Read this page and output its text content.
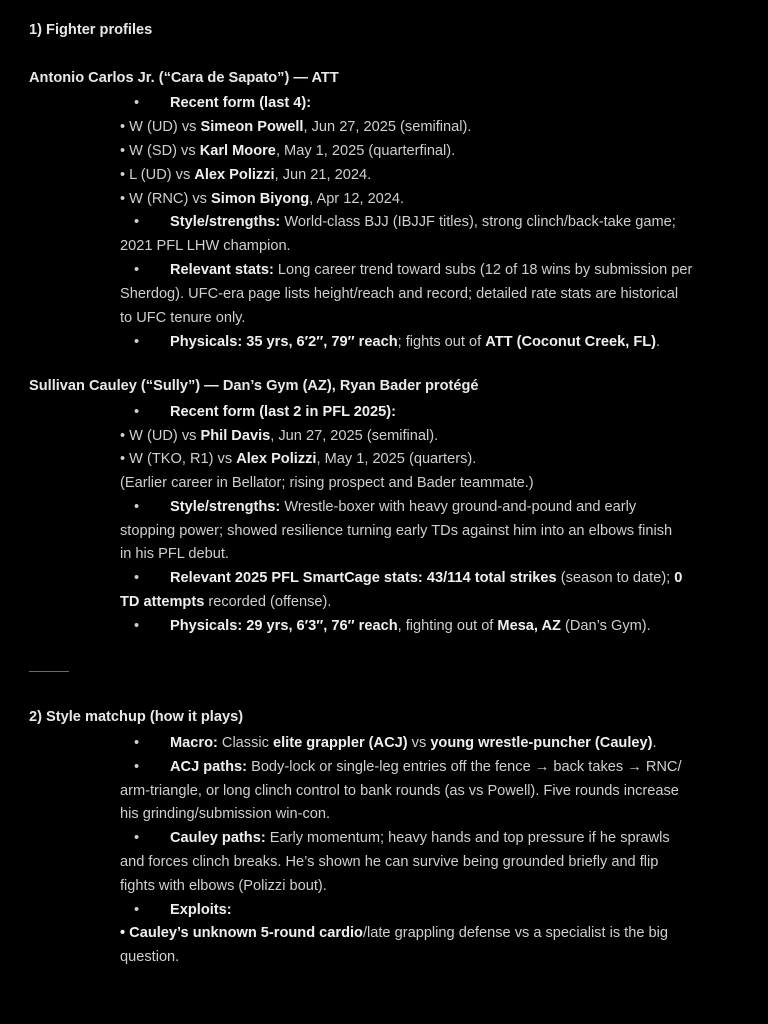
1) Fighter profiles
Antonio Carlos Jr. (“Cara de Sapato”) — ATT
• Recent form (last 4):
• W (UD) vs Simeon Powell, Jun 27, 2025 (semifinal).
• W (SD) vs Karl Moore, May 1, 2025 (quarterfinal).
• L (UD) vs Alex Polizzi, Jun 21, 2024.
• W (RNC) vs Simon Biyong, Apr 12, 2024.
• Style/strengths: World-class BJJ (IBJJF titles), strong clinch/back-take game;
2021 PFL LHW champion.
• Relevant stats: Long career trend toward subs (12 of 18 wins by submission per
Sherdog). UFC-era page lists height/reach and record; detailed rate stats are historical
to UFC tenure only.
• Physicals: 35 yrs, 6′2″, 79″ reach; fights out of ATT (Coconut Creek, FL).
Sullivan Cauley (“Sully”) — Dan’s Gym (AZ), Ryan Bader protégé
• Recent form (last 2 in PFL 2025):
• W (UD) vs Phil Davis, Jun 27, 2025 (semifinal).
• W (TKO, R1) vs Alex Polizzi, May 1, 2025 (quarters).
(Earlier career in Bellator; rising prospect and Bader teammate.)
• Style/strengths: Wrestle-boxer with heavy ground-and-pound and early
stopping power; showed resilience turning early TDs against him into an elbows finish
in his PFL debut.
• Relevant 2025 PFL SmartCage stats: 43/114 total strikes (season to date); 0
TD attempts recorded (offense).
• Physicals: 29 yrs, 6′3″, 76″ reach, fighting out of Mesa, AZ (Dan’s Gym).
2) Style matchup (how it plays)
• Macro: Classic elite grappler (ACJ) vs young wrestle-puncher (Cauley).
• ACJ paths: Body-lock or single-leg entries off the fence → back takes → RNC/
arm-triangle, or long clinch control to bank rounds (as vs Powell). Five rounds increase
his grinding/submission win-con.
• Cauley paths: Early momentum; heavy hands and top pressure if he sprawls
and forces clinch breaks. He’s shown he can survive being grounded briefly and flip
fights with elbows (Polizzi bout).
• Exploits:
• Cauley’s unknown 5-round cardio/late grappling defense vs a specialist is the big
question.
